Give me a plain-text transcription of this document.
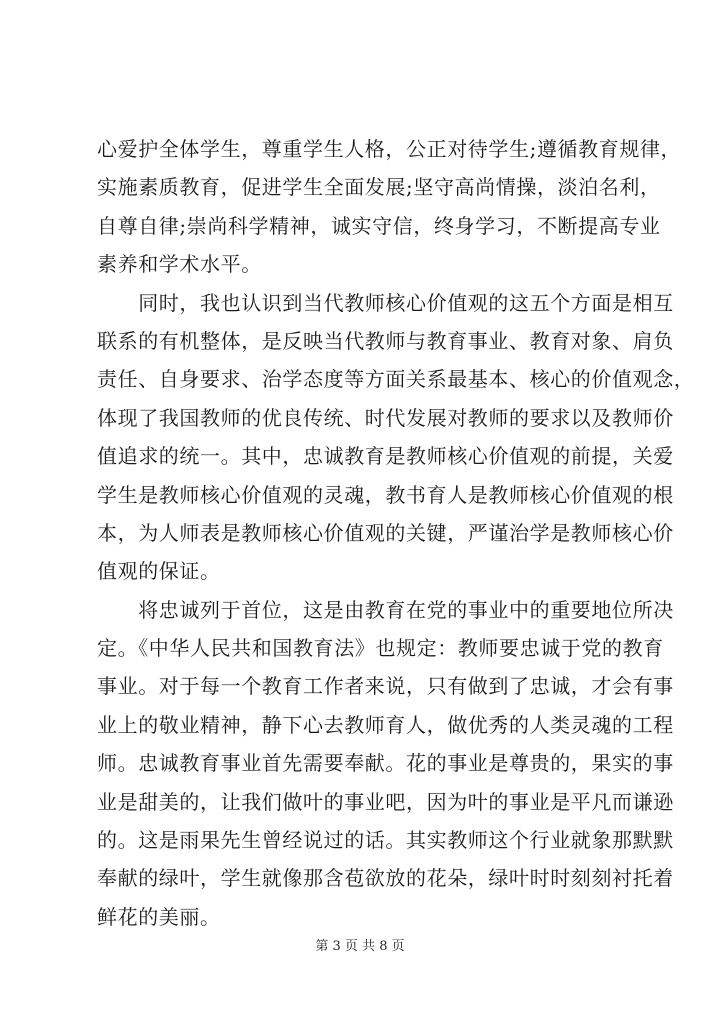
心爱护全体学生，尊重学生人格，公正对待学生;遵循教育规律，
实施素质教育，促进学生全面发展;坚守高尚情操，淡泊名利，
自尊自律;崇尚科学精神，诚实守信，终身学习，不断提高专业
素养和学术水平。
　　同时，我也认识到当代教师核心价值观的这五个方面是相互
联系的有机整体，是反映当代教师与教育事业、教育对象、肩负
责任、自身要求、治学态度等方面关系最基本、核心的价值观念，
体现了我国教师的优良传统、时代发展对教师的要求以及教师价
值追求的统一。其中，忠诚教育是教师核心价值观的前提，关爱
学生是教师核心价值观的灵魂，教书育人是教师核心价值观的根
本，为人师表是教师核心价值观的关键，严谨治学是教师核心价
值观的保证。
　　将忠诚列于首位，这是由教育在党的事业中的重要地位所决
定。《中华人民共和国教育法》也规定：教师要忠诚于党的教育
事业。对于每一个教育工作者来说，只有做到了忠诚，才会有事
业上的敬业精神，静下心去教师育人，做优秀的人类灵魂的工程
师。忠诚教育事业首先需要奉献。花的事业是尊贵的，果实的事
业是甜美的，让我们做叶的事业吧，因为叶的事业是平凡而谦逊
的。这是雨果先生曾经说过的话。其实教师这个行业就象那默默
奉献的绿叶，学生就像那含苞欲放的花朵，绿叶时时刻刻衬托着
鲜花的美丽。
第 3 页 共 8 页
